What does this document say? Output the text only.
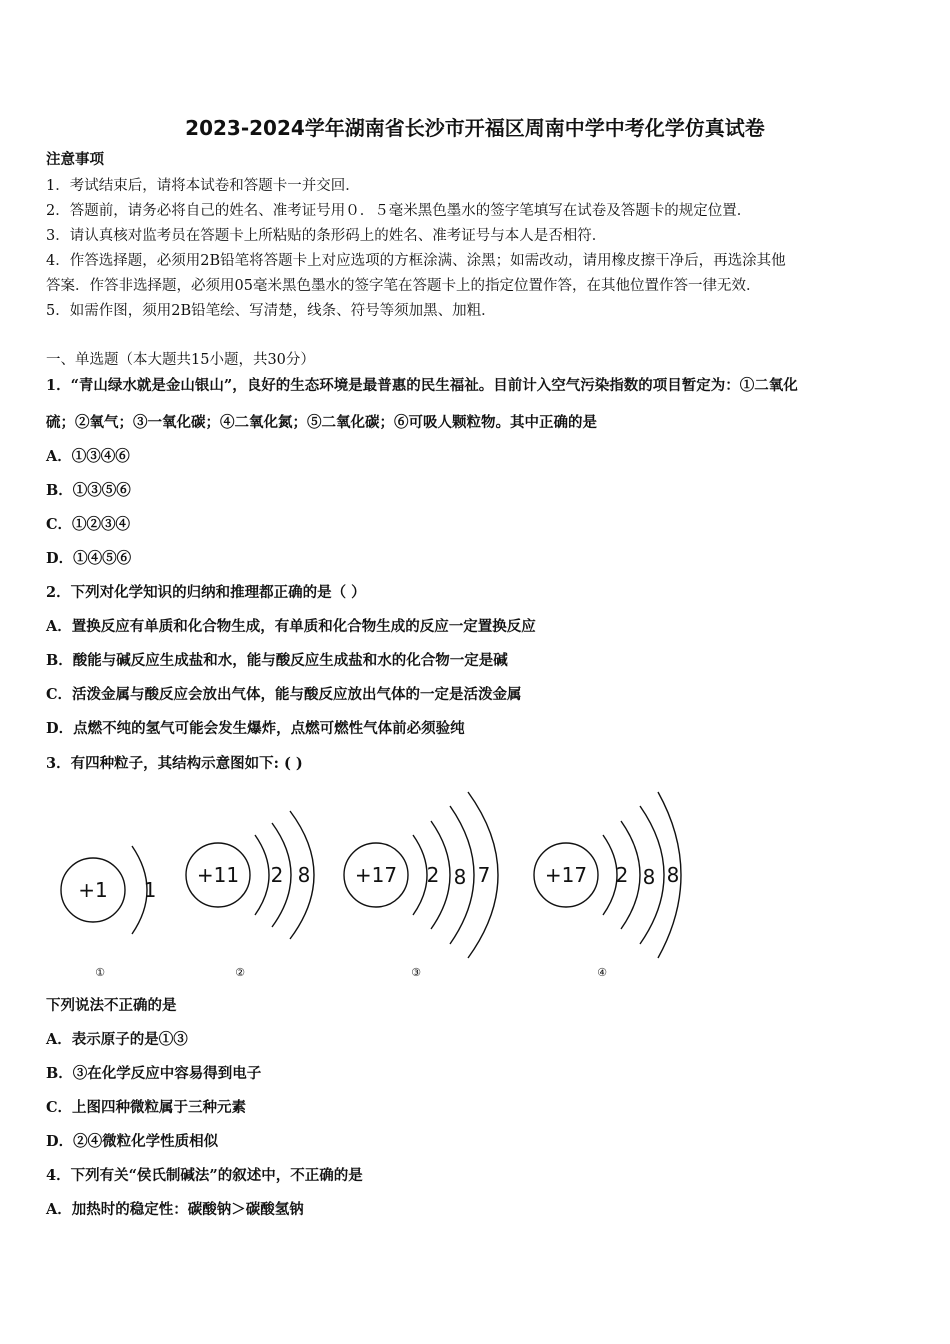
2023-2024学年湖南省长沙市开福区周南中学中考化学仿真试卷
注意事项
1．考试结束后，请将本试卷和答题卡一并交回．
2．答题前，请务必将自己的姓名、准考证号用０．５毫米黑色墨水的签字笔填写在试卷及答题卡的规定位置．
3．请认真核对监考员在答题卡上所粘贴的条形码上的姓名、准考证号与本人是否相符．
4．作答选择题，必须用2B铅笔将答题卡上对应选项的方框涂满、涂黑；如需改动，请用橡皮擦干净后，再选涂其他
答案．作答非选择题，必须用05毫米黑色墨水的签字笔在答题卡上的指定位置作答，在其他位置作答一律无效．
5．如需作图，须用2B铅笔绘、写清楚，线条、符号等须加黑、加粗．
一、单选题（本大题共15小题，共30分）
1．“青山绿水就是金山银山”，良好的生态环境是最普惠的民生福祉。目前计入空气污染指数的项目暂定为：①二氧化
硫；②氧气；③一氧化碳；④二氧化氮；⑤二氧化碳；⑥可吸人颗粒物。其中正确的是
A．①③④⑥
B．①③⑤⑥
C．①②③④
D．①④⑤⑥
2．下列对化学知识的归纳和推理都正确的是（ ）
A．置换反应有单质和化合物生成，有单质和化合物生成的反应一定置换反应
B．酸能与碱反应生成盐和水，能与酸反应生成盐和水的化合物一定是碱
C．活泼金属与酸反应会放出气体，能与酸反应放出气体的一定是活泼金属
D．点燃不纯的氢气可能会发生爆炸，点燃可燃性气体前必须验纯
3．有四种粒子，其结构示意图如下: ( )
+1 1
+11 2 8 +17 2 8 7	+17 2 8 8
①	②	③	④
下列说法不正确的是
A．表示原子的是①③
B．③在化学反应中容易得到电子
C．上图四种微粒属于三种元素
D．②④微粒化学性质相似
4．下列有关“侯氏制碱法”的叙述中，不正确的是
A．加热时的稳定性：碳酸钠＞碳酸氢钠
